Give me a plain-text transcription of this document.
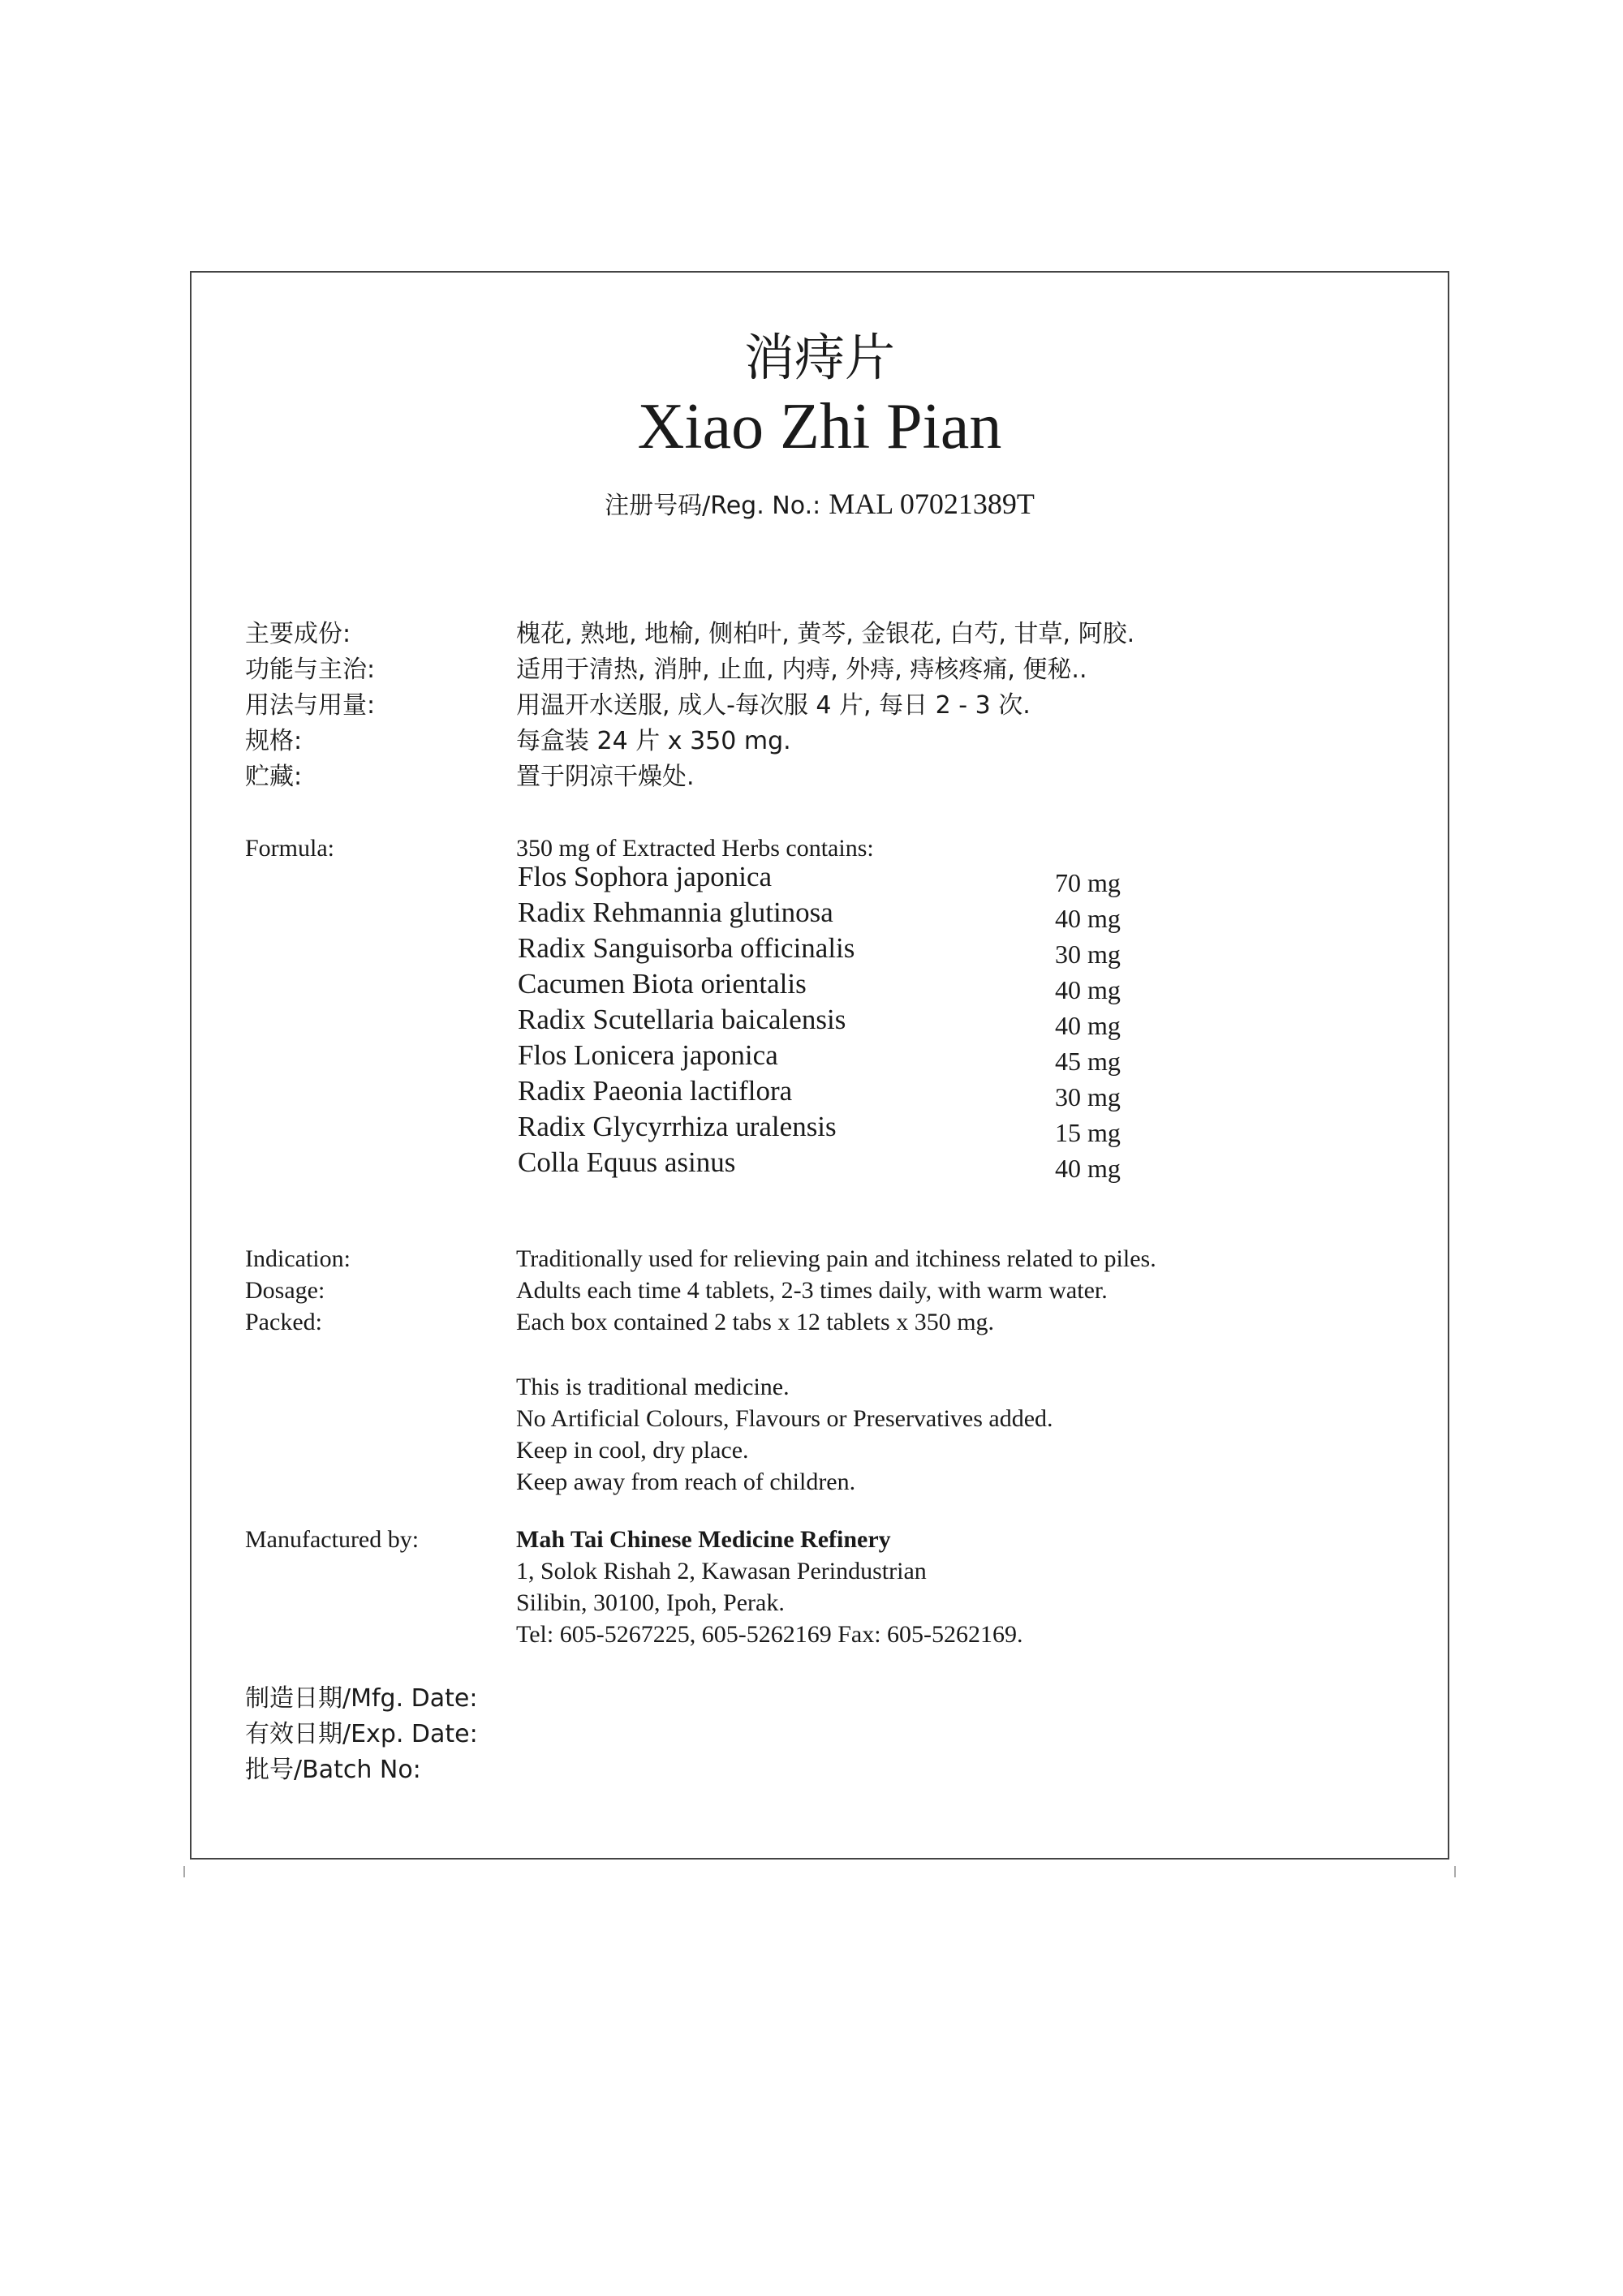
消痔片
Xiao Zhi Pian
注册号码/Reg. No.: MAL 07021389T
主要成份:	槐花, 熟地, 地榆, 侧柏叶, 黄芩, 金银花, 白芍, 甘草, 阿胶.
功能与主治:	适用于清热, 消肿, 止血, 内痔, 外痔, 痔核疼痛, 便秘..
用法与用量:	用温开水送服, 成人-每次服 4 片, 每日 2 - 3 次.
规格:	每盒装 24 片 x 350 mg.
贮藏:	置于阴凉干燥处.
Formula:	350 mg of Extracted Herbs contains:
Flos Sophora japonica	70 mg
Radix Rehmannia glutinosa	40 mg
Radix Sanguisorba officinalis	30 mg
Cacumen Biota orientalis	40 mg
Radix Scutellaria baicalensis	40 mg
Flos Lonicera japonica	45 mg
Radix Paeonia lactiflora	30 mg
Radix Glycyrrhiza uralensis	15 mg
Colla Equus asinus	40 mg
Indication:	Traditionally used for relieving pain and itchiness related to piles.
Dosage:	Adults each time 4 tablets, 2-3 times daily, with warm water.
Packed:	Each box contained 2 tabs x 12 tablets x 350 mg.
This is traditional medicine.
No Artificial Colours, Flavours or Preservatives added.
Keep in cool, dry place.
Keep away from reach of children.
Manufactured by:	Mah Tai Chinese Medicine Refinery
1, Solok Rishah 2, Kawasan Perindustrian
Silibin, 30100, Ipoh, Perak.
Tel: 605-5267225, 605-5262169 Fax: 605-5262169.
制造日期/Mfg. Date:
有效日期/Exp. Date:
批号/Batch No:
